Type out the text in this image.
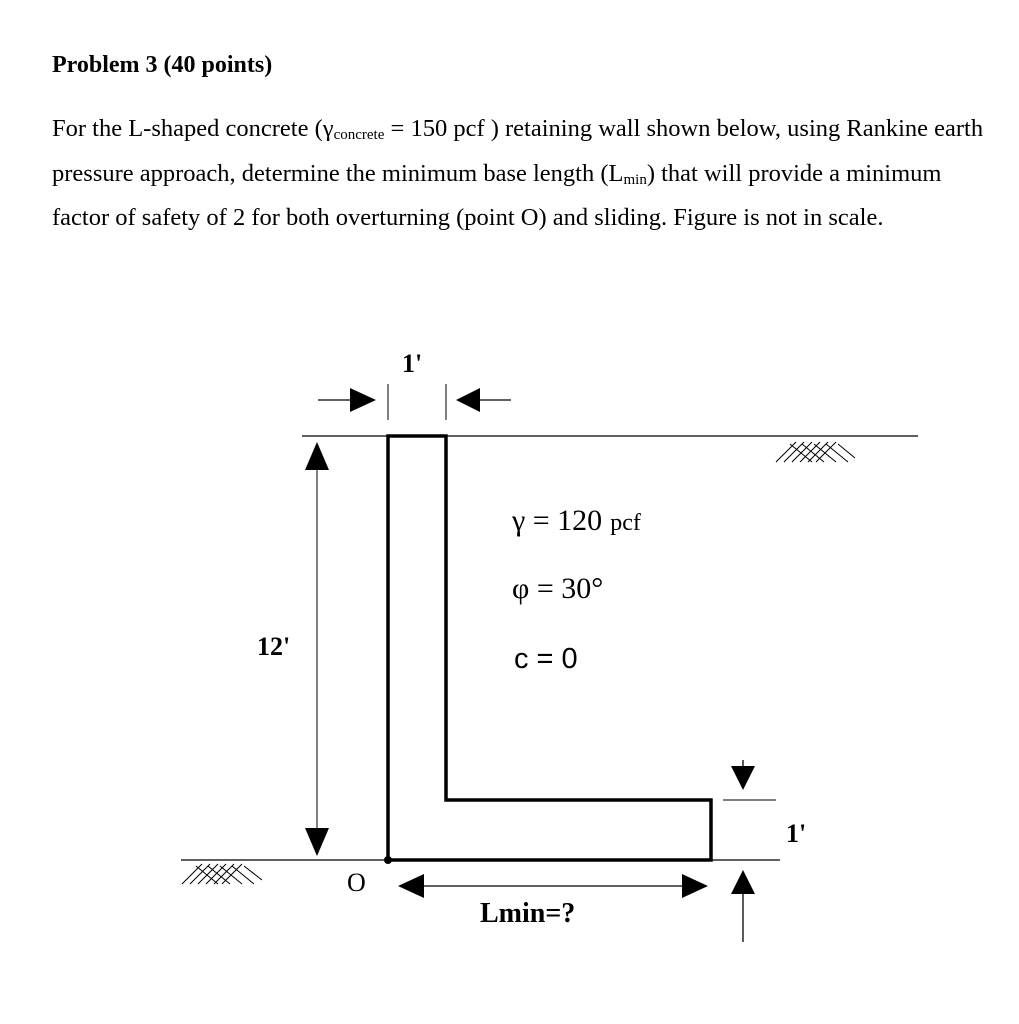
Problem 3 (40 points)

For the L-shaped concrete ($\gamma_{concrete} = 150$ pcf ) retaining wall shown below, using Rankine earth pressure approach, determine the minimum base length $(L_{min})$ that will provide a minimum factor of safety of 2 for both overturning (point O) and sliding. Figure is not in scale.

1'
12'
1'
O
Lmin=?
γ = 120 pcf
φ = 30°
c = 0
